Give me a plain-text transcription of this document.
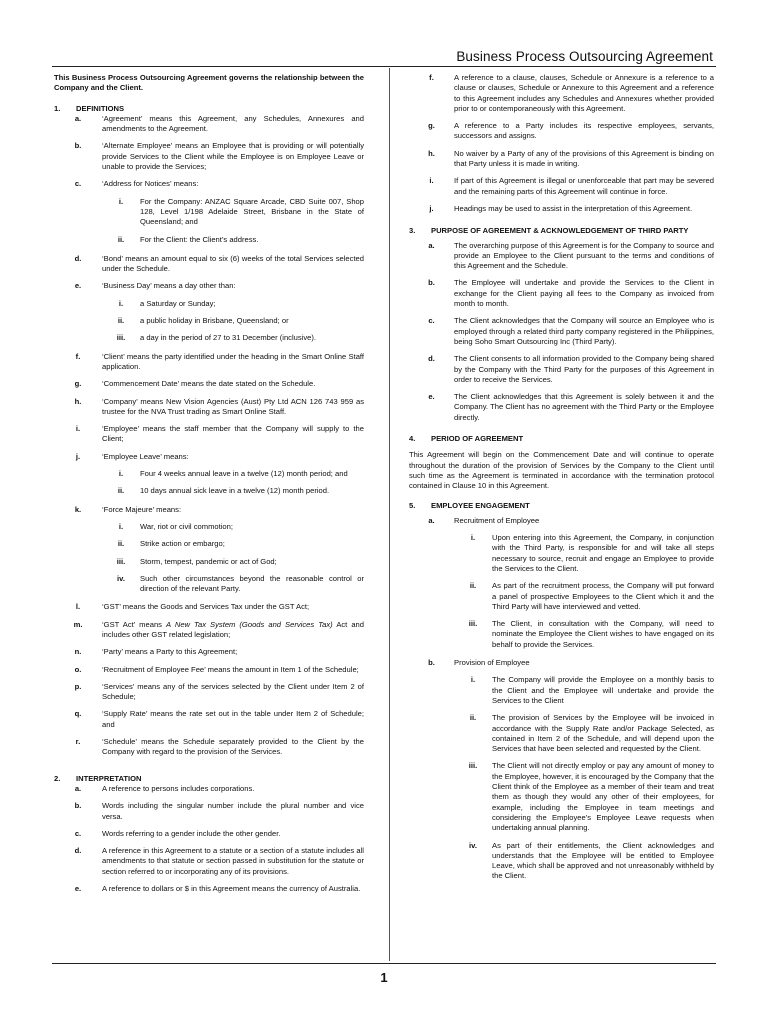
Business Process Outsourcing Agreement
This Business Process Outsourcing Agreement governs the relationship between the Company and the Client.
1.	DEFINITIONS
a.	‘Agreement’ means this Agreement, any Schedules, Annexures and amendments to the Agreement.
b.	‘Alternate Employee’ means an Employee that is providing or will potentially provide Services to the Client while the Employee is on Employee Leave or unable to provide the Services;
c.	‘Address for Notices’ means:
i.	For the Company: ANZAC Square Arcade, CBD Suite 007, Shop 128, Level 1/198 Adelaide Street, Brisbane in the State of Queensland; and
ii.	For the Client: the Client’s address.
d.	‘Bond’ means an amount equal to six (6) weeks of the total Services selected under the Schedule.
e.	‘Business Day’ means a day other than:
i.	a Saturday or Sunday;
ii.	a public holiday in Brisbane, Queensland; or
iii.	a day in the period of 27 to 31 December (inclusive).
f.	‘Client’ means the party identified under the heading in the Smart Online Staff application.
g.	‘Commencement Date’ means the date stated on the Schedule.
h.	‘Company’ means New Vision Agencies (Aust) Pty Ltd ACN 126 743 959 as trustee for the NVA Trust trading as Smart Online Staff.
i.	‘Employee’ means the staff member that the Company will supply to the Client;
j.	‘Employee Leave’ means:
i.	Four 4 weeks annual leave in a twelve (12) month period; and
ii.	10 days annual sick leave in a twelve (12) month period.
k.	‘Force Majeure’ means:
i.	War, riot or civil commotion;
ii.	Strike action or embargo;
iii.	Storm, tempest, pandemic or act of God;
iv.	Such other circumstances beyond the reasonable control or direction of the relevant Party.
l.	‘GST’ means the Goods and Services Tax under the GST Act;
m.	‘GST Act’ means A New Tax System (Goods and Services Tax) Act and includes other GST related legislation;
n.	‘Party’ means a Party to this Agreement;
o.	‘Recruitment of Employee Fee’ means the amount in Item 1 of the Schedule;
p.	‘Services’ means any of the services selected by the Client under Item 2 of Schedule;
q.	‘Supply Rate’ means the rate set out in the table under Item 2 of Schedule; and
r.	‘Schedule’ means the Schedule separately provided to the Client by the Company with regard to the provision of the Services.
2.	INTERPRETATION
a.	A reference to persons includes corporations.
b.	Words including the singular number include the plural number and vice versa.
c.	Words referring to a gender include the other gender.
d.	A reference in this Agreement to a statute or a section of a statute includes all amendments to that statute or section passed in substitution for the statute or section referred to or incorporating any of its provisions.
e.	A reference to dollars or $ in this Agreement means the currency of Australia.
f.	A reference to a clause, clauses, Schedule or Annexure is a reference to a clause or clauses, Schedule or Annexure to this Agreement and a reference to this Agreement includes any Schedules and Annexures whether provided prior to or contemporaneously with this Agreement.
g.	A reference to a Party includes its respective employees, servants, successors and assigns.
h.	No waiver by a Party of any of the provisions of this Agreement is binding on that Party unless it is made in writing.
i.	If part of this Agreement is illegal or unenforceable that part may be severed and the remaining parts of this Agreement will continue in force.
j.	Headings may be used to assist in the interpretation of this Agreement.
3.	PURPOSE OF AGREEMENT & ACKNOWLEDGEMENT OF THIRD PARTY
a.	The overarching purpose of this Agreement is for the Company to source and provide an Employee to the Client pursuant to the terms and conditions of this Agreement and the Schedule.
b.	The Employee will undertake and provide the Services to the Client in exchange for the Client paying all fees to the Company as invoiced from month to month.
c.	The Client acknowledges that the Company will source an Employee who is employed through a related third party company registered in the Philippines, being Soho Smart Outsourcing Inc (Third Party).
d.	The Client consents to all information provided to the Company being shared by the Company with the Third Party for the purposes of this Agreement in order to receive the Services.
e.	The Client acknowledges that this Agreement is solely between it and the Company. The Client has no agreement with the Third Party or the Employee directly.
4.	PERIOD OF AGREEMENT
This Agreement will begin on the Commencement Date and will continue to operate throughout the duration of the provision of Services by the Company to the Client until such time as the Agreement is terminated in accordance with the termination protocol contained in Clause 10 in this Agreement.
5.	EMPLOYEE ENGAGEMENT
a.	Recruitment of Employee
i.	Upon entering into this Agreement, the Company, in conjunction with the Third Party, is responsible for and will take all steps necessary to source, recruit and engage an Employee to provide the Services to the Client.
ii.	As part of the recruitment process, the Company will put forward a panel of prospective Employees to the Client which it and the Third Party will have interviewed and vetted.
iii.	The Client, in consultation with the Company, will need to nominate the Employee the Client wishes to have engaged on its behalf to provide the Services.
b.	Provision of Employee
i.	The Company will provide the Employee on a monthly basis to the Client and the Employee will undertake and provide the Services to the Client
ii.	The provision of Services by the Employee will be invoiced in accordance with the Supply Rate and/or Package Selected, as contained in Item 2 of the Schedule, and will depend upon the Services that have been selected and requested by the Client.
iii.	The Client will not directly employ or pay any amount of money to the Employee, however, it is encouraged by the Company that the Client think of the Employee as a member of their team and treat them as though they would any other of their employees, for example, including the Employee in team meetings and considering the Employee’s Employee Leave requests when undertaking annual planning.
iv.	As part of their entitlements, the Client acknowledges and understands that the Employee will be entitled to Employee Leave, which shall be approved and not unreasonably withheld by the Client.
1
